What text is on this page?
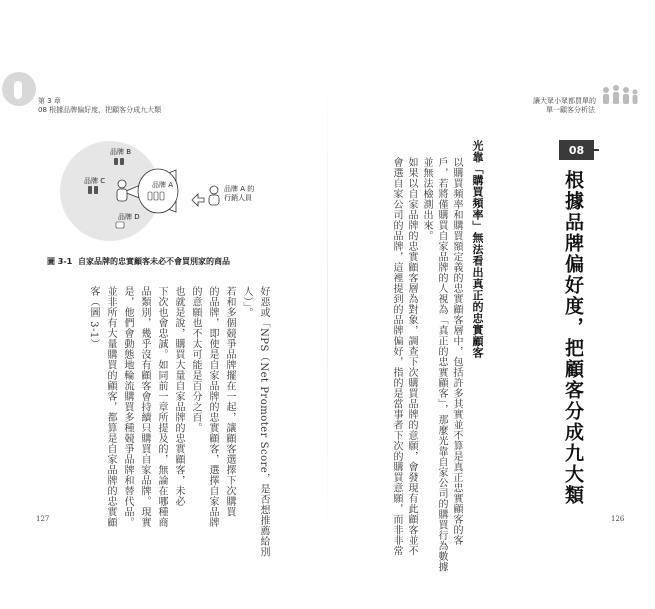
第 3 章
08 根據品牌偏好度，把顧客分成九大類
讓大眾小眾都買單的
單一顧客分析法
品牌 B
品牌 C	品牌 A
品牌 D
品牌 A 的 行銷人員
圖 3-1 自家品牌的忠實顧客未必不會買別家的商品
好惡或「NPS（Net Promoter Score，是否想推薦給別
人）」。
若和多個競爭品牌擺在一起，讓顧客選擇下次購買
的品牌，即使是自家品牌的忠實顧客，選擇自家品牌
的意願也不太可能是百分之百。
也就是說，購買大量自家品牌的忠實顧客，未必
下次也會忠誠。如同前一章所提及的，無論在哪種商
品類別，幾乎沒有顧客會持續只購買自家品牌。現實
是，他們會動態地輪流購買多種競爭品牌和替代品。
並非所有大量購買的顧客，都算是自家品牌的忠實顧
客（圖 3-1）
08
根據品牌偏好度，把顧客分成九大類
光靠「購買頻率」無法看出真正的忠實顧客
以購買頻率和購買額定義的忠實顧客層中，包括許多其實並不算是真正忠實顧客的客
戶，若將僅購買自家品牌的人視為「真正的忠實顧客」，那麼光靠自家公司的購買行為數據
並無法檢測出來。
如果以自家品牌的忠實顧客層為對象，調查下次購買品牌的意願，會發現有此顧客並不
會選自家公司的品牌，這裡提到的品牌偏好，指的是當事者下次的購買意願，而非非常
127	126
